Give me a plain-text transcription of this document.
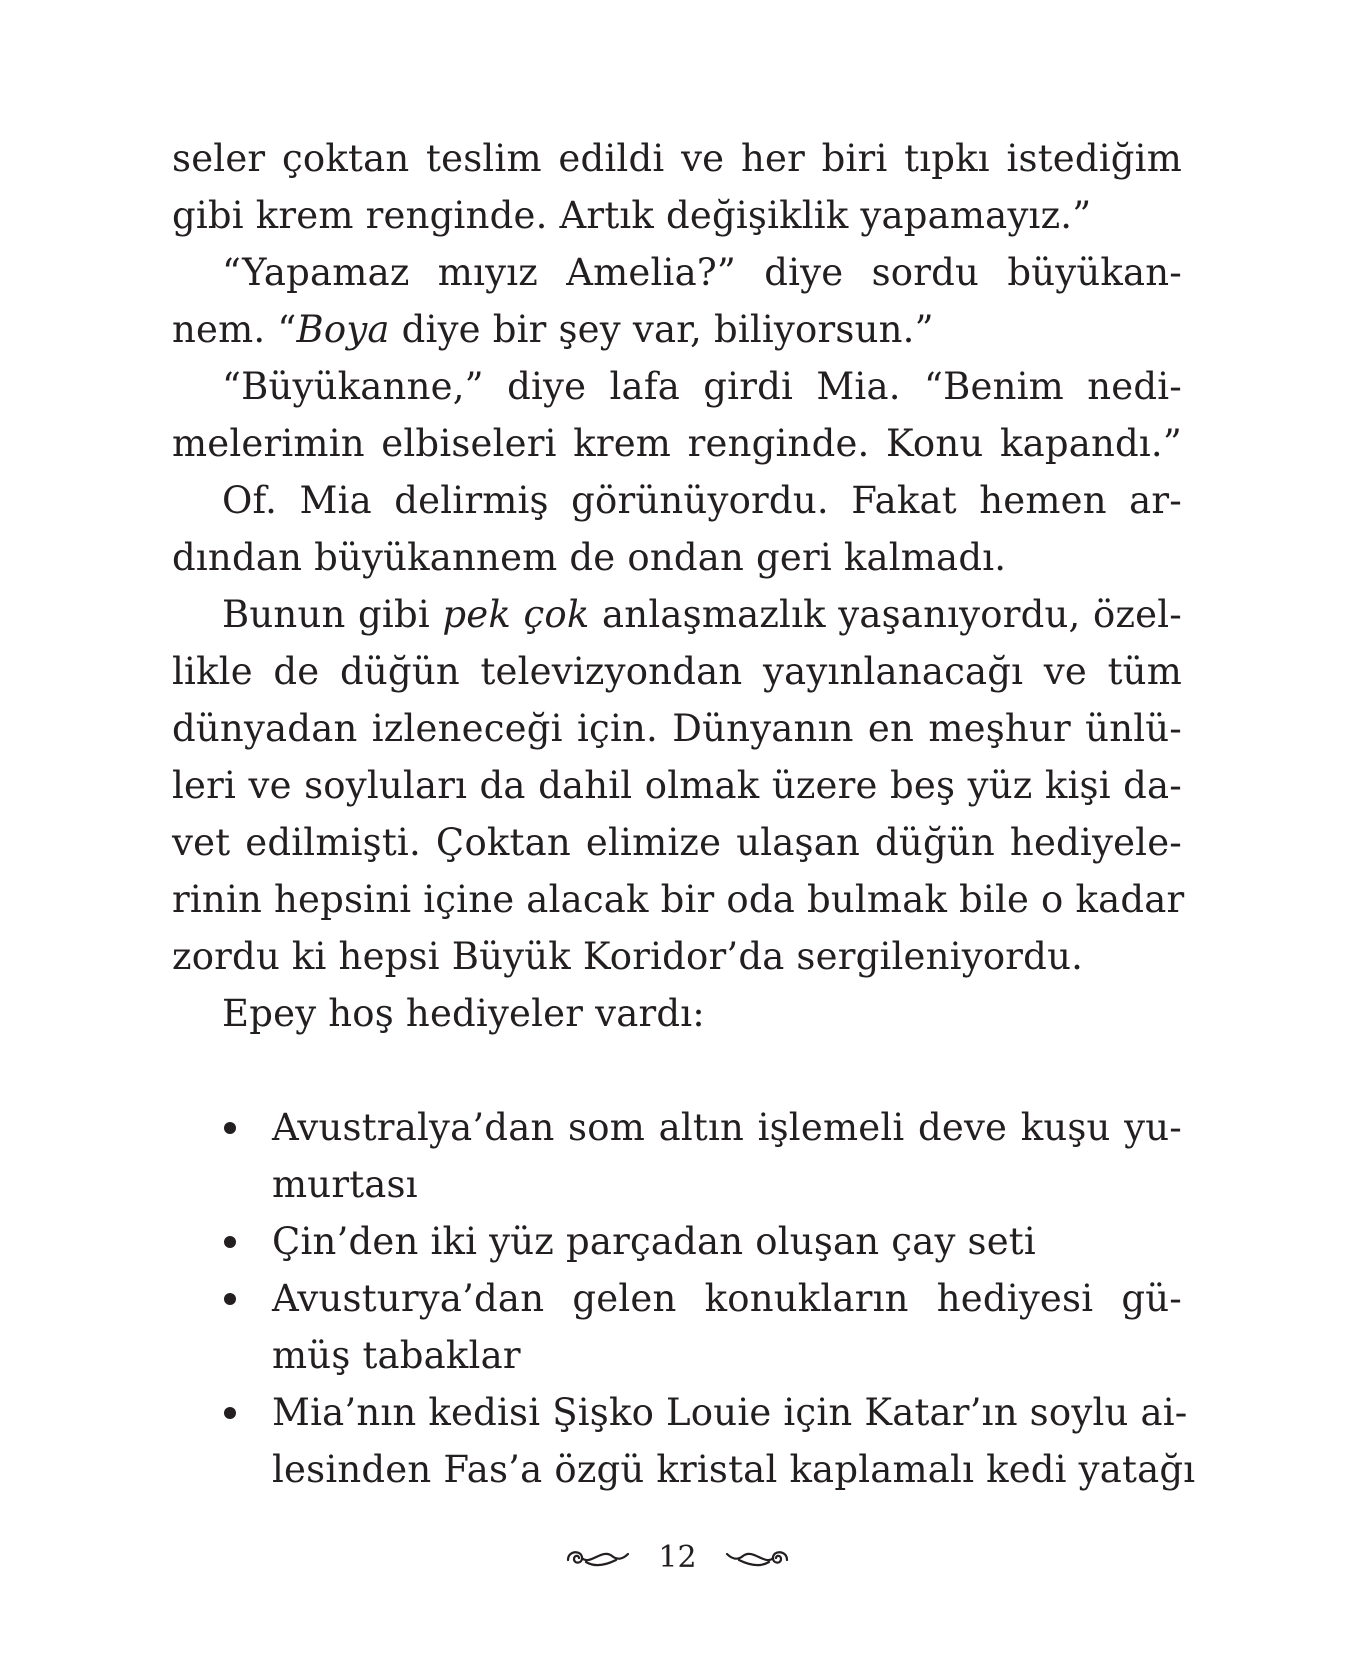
seler çoktan teslim edildi ve her biri tıpkı istediğim
gibi krem renginde. Artık değişiklik yapamayız.”
“Yapamaz mıyız Amelia?” diye sordu büyükan-
nem. “Boya diye bir şey var, biliyorsun.”
“Büyükanne,” diye lafa girdi Mia. “Benim nedi-
melerimin elbiseleri krem renginde. Konu kapandı.”
Of. Mia delirmiş görünüyordu. Fakat hemen ar-
dından büyükannem de ondan geri kalmadı.
Bunun gibi pek çok anlaşmazlık yaşanıyordu, özel-
likle de düğün televizyondan yayınlanacağı ve tüm
dünyadan izleneceği için. Dünyanın en meşhur ünlü-
leri ve soyluları da dahil olmak üzere beş yüz kişi da-
vet edilmişti. Çoktan elimize ulaşan düğün hediyele-
rinin hepsini içine alacak bir oda bulmak bile o kadar
zordu ki hepsi Büyük Koridor’da sergileniyordu.
Epey hoş hediyeler vardı:
Avustralya’dan som altın işlemeli deve kuşu yu-
murtası
Çin’den iki yüz parçadan oluşan çay seti
Avusturya’dan gelen konukların hediyesi gü-
müş tabaklar
Mia’nın kedisi Şişko Louie için Katar’ın soylu ai-
lesinden Fas’a özgü kristal kaplamalı kedi yatağı
12
